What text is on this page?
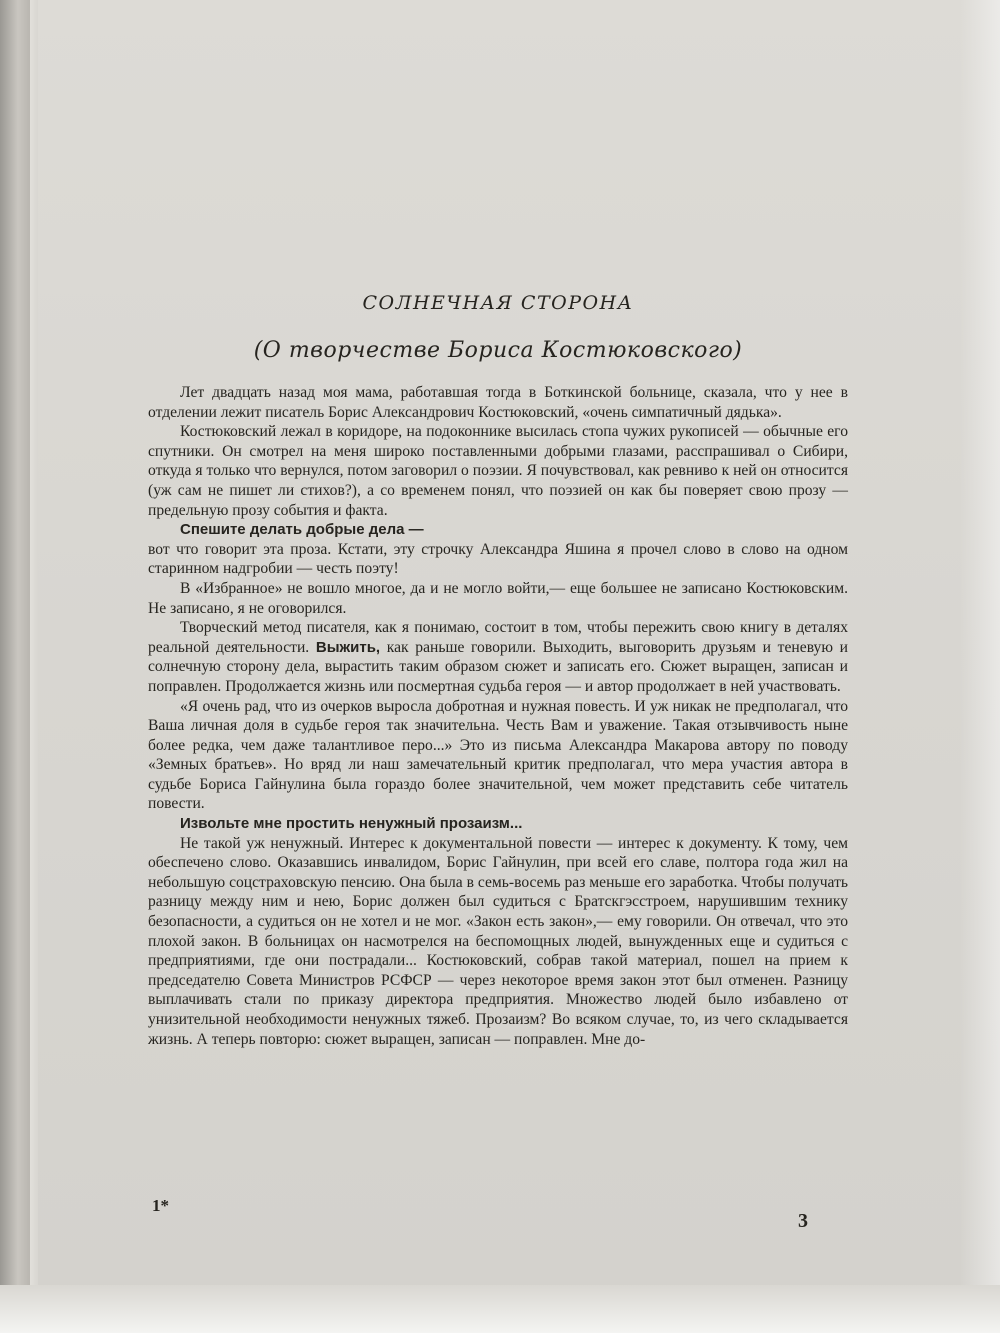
СОЛНЕЧНАЯ СТОРОНА
(О творчестве Бориса Костюковского)

Лет двадцать назад моя мама, работавшая тогда в Боткинской больнице, сказала, что у нее в отделении лежит писатель Борис Александрович Костюковский, «очень симпатичный дядька».

Костюковский лежал в коридоре, на подоконнике высилась стопа чужих рукописей — обычные его спутники. Он смотрел на меня широко поставленными добрыми глазами, расспрашивал о Сибири, откуда я только что вернулся, потом заговорил о поэзии. Я почувствовал, как ревниво к ней он относится (уж сам не пишет ли стихов?), а со временем понял, что поэзией он как бы поверяет свою прозу — предельную прозу события и факта.

Спешите делать добрые дела —

вот что говорит эта проза. Кстати, эту строчку Александра Яшина я прочел слово в слово на одном старинном надгробии — честь поэту!

В «Избранное» не вошло многое, да и не могло войти,— еще большее не записано Костюковским. Не записано, я не оговорился.

Творческий метод писателя, как я понимаю, состоит в том, чтобы пережить свою книгу в деталях реальной деятельности. Выжить, как раньше говорили. Выходить, выговорить друзьям и теневую и солнечную сторону дела, вырастить таким образом сюжет и записать его. Сюжет выращен, записан и поправлен. Продолжается жизнь или посмертная судьба героя — и автор продолжает в ней участвовать.

«Я очень рад, что из очерков выросла добротная и нужная повесть. И уж никак не предполагал, что Ваша личная доля в судьбе героя так значительна. Честь Вам и уважение. Такая отзывчивость ныне более редка, чем даже талантливое перо...» Это из письма Александра Макарова автору по поводу «Земных братьев». Но вряд ли наш замечательный критик предполагал, что мера участия автора в судьбе Бориса Гайнулина была гораздо более значительной, чем может представить себе читатель повести.

Извольте мне простить ненужный прозаизм...

Не такой уж ненужный. Интерес к документальной повести — интерес к документу. К тому, чем обеспечено слово. Оказавшись инвалидом, Борис Гайнулин, при всей его славе, полтора года жил на небольшую соцстраховскую пенсию. Она была в семь-восемь раз меньше его заработка. Чтобы получать разницу между ним и нею, Борис должен был судиться с Братскгэсстроем, нарушившим технику безопасности, а судиться он не хотел и не мог. «Закон есть закон»,— ему говорили. Он отвечал, что это плохой закон. В больницах он насмотрелся на беспомощных людей, вынужденных еще и судиться с предприятиями, где они пострадали... Костюковский, собрав такой материал, пошел на прием к председателю Совета Министров РСФСР — через некоторое время закон этот был отменен. Разницу выплачивать стали по приказу директора предприятия. Множество людей было избавлено от унизительной необходимости ненужных тяжеб. Прозаизм? Во всяком случае, то, из чего складывается жизнь. А теперь повторю: сюжет выращен, записан — поправлен. Мне до-

1*
3
